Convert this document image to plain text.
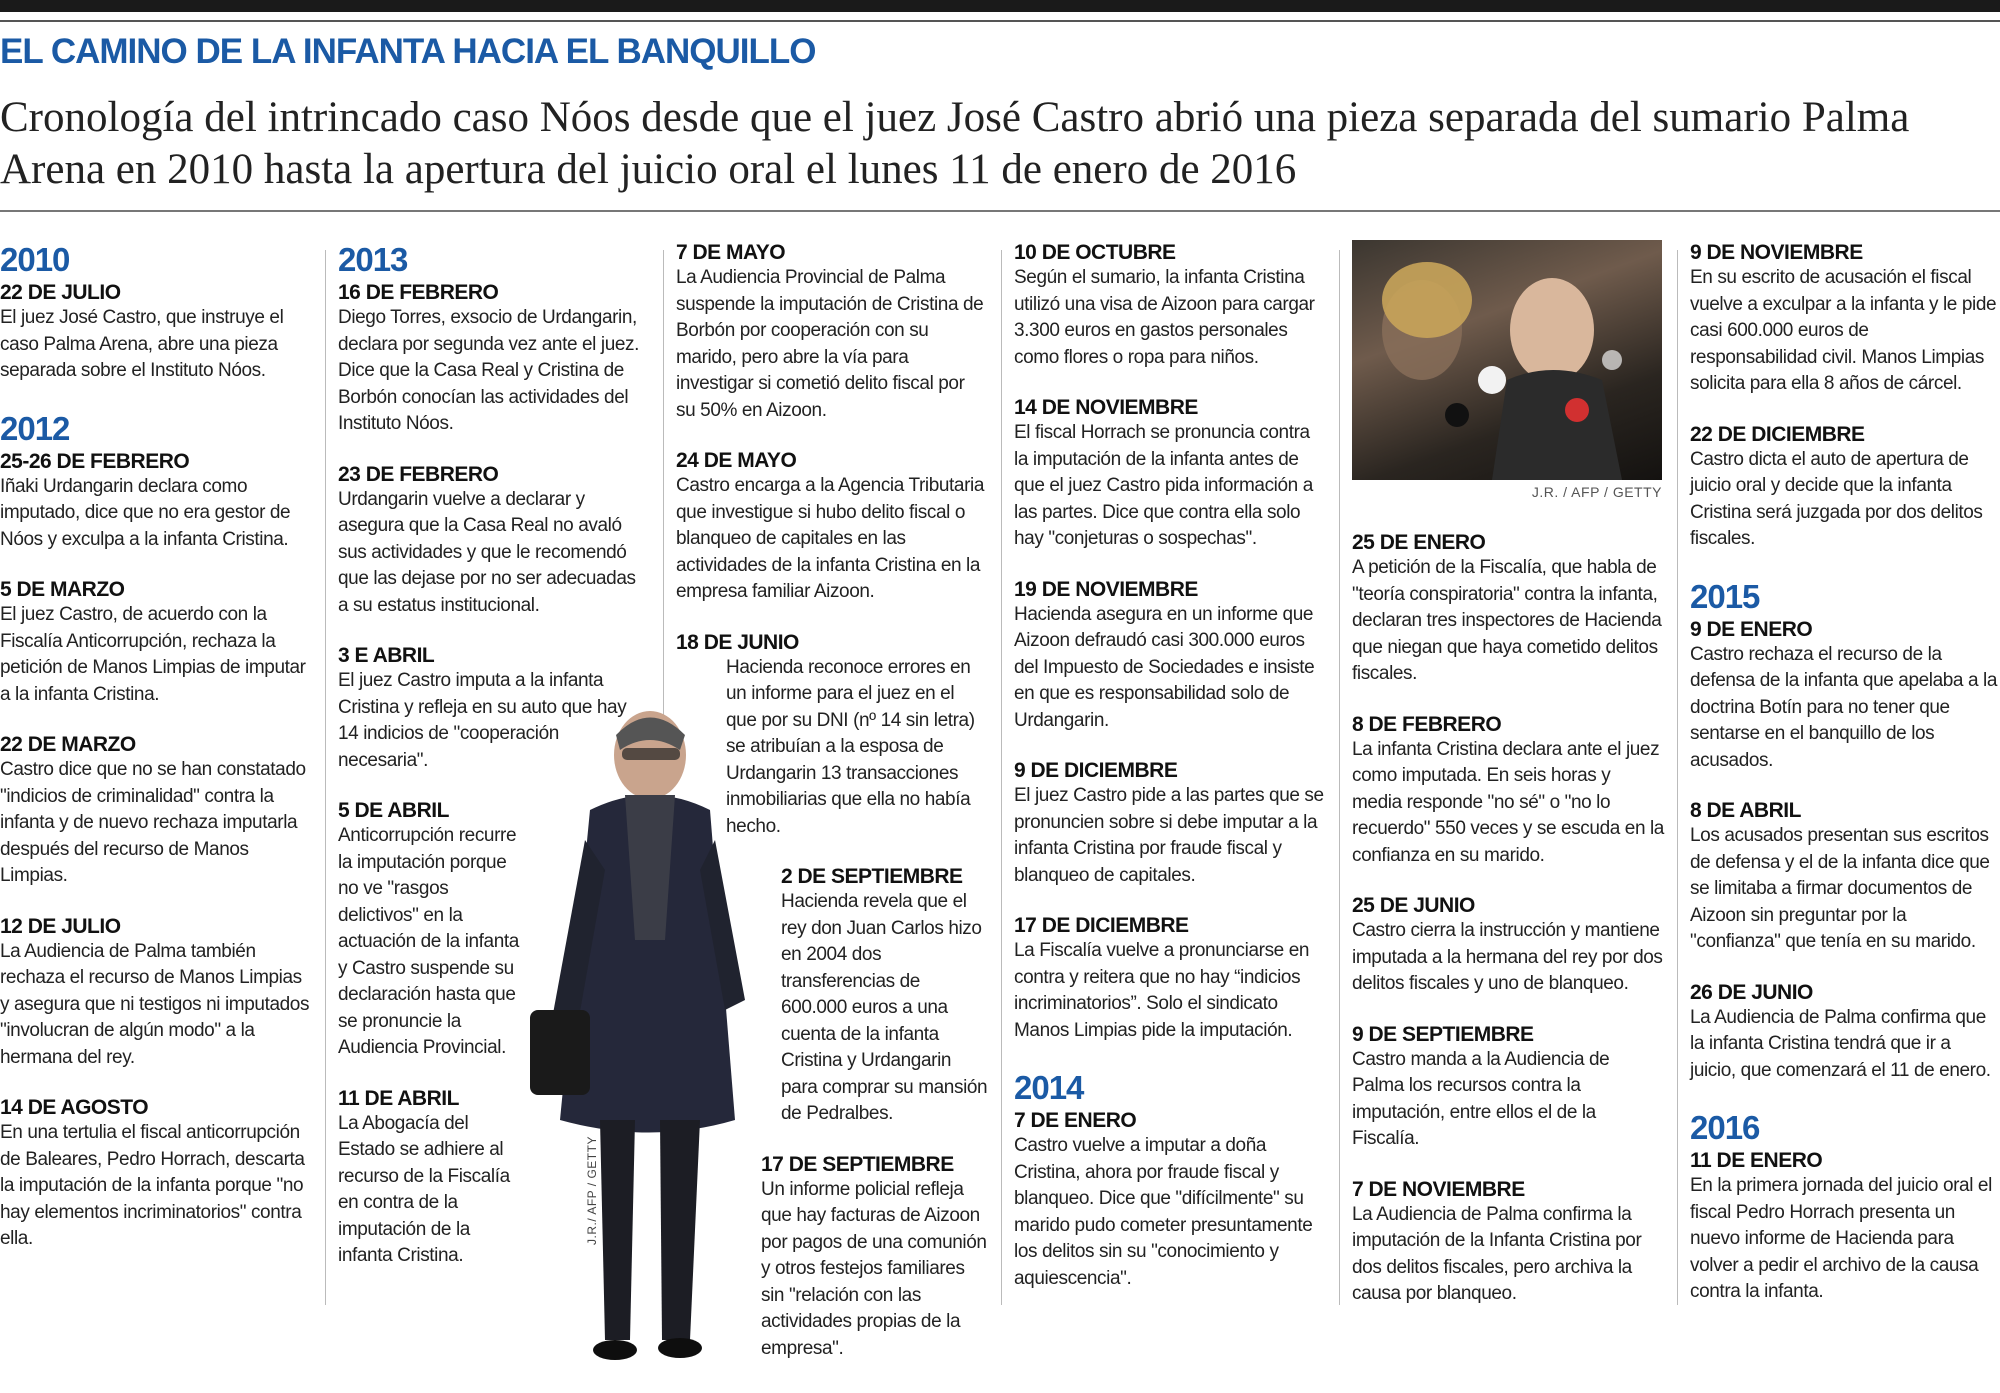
EL CAMINO DE LA INFANTA HACIA EL BANQUILLO
Cronología del intrincado caso Nóos desde que el juez José Castro abrió una pieza separada del sumario Palma Arena en 2010 hasta la apertura del juicio oral el lunes 11 de enero de 2016
2010
22 DE JULIO
El juez José Castro, que instruye el caso Palma Arena, abre una pieza separada sobre el Instituto Nóos.
2012
25-26 DE FEBRERO
Iñaki Urdangarin declara como imputado, dice que no era gestor de Nóos y exculpa a la infanta Cristina.
5 DE MARZO
El juez Castro, de acuerdo con la Fiscalía Anticorrupción, rechaza la petición de Manos Limpias de imputar a la infanta Cristina.
22 DE MARZO
Castro dice que no se han constatado "indicios de criminalidad" contra la infanta y de nuevo rechaza imputarla después del recurso de Manos Limpias.
12 DE JULIO
La Audiencia de Palma también rechaza el recurso de Manos Limpias y asegura que ni testigos ni imputados "involucran de algún modo" a la hermana del rey.
14 DE AGOSTO
En una tertulia el fiscal anticorrupción de Baleares, Pedro Horrach, descarta la imputación de la infanta porque "no hay elementos incriminatorios" contra ella.
2013
16 DE FEBRERO
Diego Torres, exsocio de Urdangarin, declara por segunda vez ante el juez. Dice que la Casa Real y Cristina de Borbón conocían las actividades del Instituto Nóos.
23 DE FEBRERO
Urdangarin vuelve a declarar y asegura que la Casa Real no avaló sus actividades y que le recomendó que las dejase por no ser adecuadas a su estatus institucional.
3 E ABRIL
El juez Castro imputa a la infanta Cristina y refleja en su auto que hay 14 indicios de "cooperación necesaria".
5 DE ABRIL
Anticorrupción recurre la imputación porque no ve "rasgos delictivos" en la actuación de la infanta y Castro suspende su declaración hasta que se pronuncie la Audiencia Provincial.
11 DE ABRIL
La Abogacía del Estado se adhiere al recurso de la Fiscalía en contra de la imputación de la infanta Cristina.
7 DE MAYO
La Audiencia Provincial de Palma suspende la imputación de Cristina de Borbón por cooperación con su marido, pero abre la vía para investigar si cometió delito fiscal por su 50% en Aizoon.
24 DE MAYO
Castro encarga a la Agencia Tributaria que investigue si hubo delito fiscal o blanqueo de capitales en las actividades de la infanta Cristina en la empresa familiar Aizoon.
18 DE JUNIO
Hacienda reconoce errores en un informe para el juez en el que por su DNI (nº 14 sin letra) se atribuían a la esposa de Urdangarin 13 transacciones inmobiliarias que ella no había hecho.
2 DE SEPTIEMBRE
Hacienda revela que el rey don Juan Carlos hizo en 2004 dos transferencias de 600.000 euros a una cuenta de la infanta Cristina y Urdangarin para comprar su mansión de Pedralbes.
17 DE SEPTIEMBRE
Un informe policial refleja que hay facturas de Aizoon por pagos de una comunión y otros festejos familiares sin "relación con las actividades propias de la empresa".
J.R./ AFP / GETTY
10 DE OCTUBRE
Según el sumario, la infanta Cristina utilizó una visa de Aizoon para cargar 3.300 euros en gastos personales como flores o ropa para niños.
14 DE NOVIEMBRE
El fiscal Horrach se pronuncia contra la imputación de la infanta antes de que el juez Castro pida información a las partes. Dice que contra ella solo hay "conjeturas o sospechas".
19 DE NOVIEMBRE
Hacienda asegura en un informe que Aizoon defraudó casi 300.000 euros del Impuesto de Sociedades e insiste en que es responsabilidad solo de Urdangarin.
9 DE DICIEMBRE
El juez Castro pide a las partes que se pronuncien sobre si debe imputar a la infanta Cristina por fraude fiscal y blanqueo de capitales.
17 DE DICIEMBRE
La Fiscalía vuelve a pronunciarse en contra y reitera que no hay “indicios incriminatorios”. Solo el sindicato Manos Limpias pide la imputación.
2014
7 DE ENERO
Castro vuelve a imputar a doña Cristina, ahora por fraude fiscal y blanqueo. Dice que "difícilmente" su marido pudo cometer presuntamente los delitos sin su "conocimiento y aquiescencia".
J.R. / AFP / GETTY
25 DE ENERO
A petición de la Fiscalía, que habla de "teoría conspiratoria" contra la infanta, declaran tres inspectores de Hacienda que niegan que haya cometido delitos fiscales.
8 DE FEBRERO
La infanta Cristina declara ante el juez como imputada. En seis horas y media responde "no sé" o "no lo recuerdo" 550 veces y se escuda en la confianza en su marido.
25 DE JUNIO
Castro cierra la instrucción y mantiene imputada a la hermana del rey por dos delitos fiscales y uno de blanqueo.
9 DE SEPTIEMBRE
Castro manda a la Audiencia de Palma los recursos contra la imputación, entre ellos el de la Fiscalía.
7 DE NOVIEMBRE
La Audiencia de Palma confirma la imputación de la Infanta Cristina por dos delitos fiscales, pero archiva la causa por blanqueo.
9 DE NOVIEMBRE
En su escrito de acusación el fiscal vuelve a exculpar a la infanta y le pide casi 600.000 euros de responsabilidad civil. Manos Limpias solicita para ella 8 años de cárcel.
22 DE DICIEMBRE
Castro dicta el auto de apertura de juicio oral y decide que la infanta Cristina será juzgada por dos delitos fiscales.
2015
9 DE ENERO
Castro rechaza el recurso de la defensa de la infanta que apelaba a la doctrina Botín para no tener que sentarse en el banquillo de los acusados.
8 DE ABRIL
Los acusados presentan sus escritos de defensa y el de la infanta dice que se limitaba a firmar documentos de Aizoon sin preguntar por la "confianza" que tenía en su marido.
26 DE JUNIO
La Audiencia de Palma confirma que la infanta Cristina tendrá que ir a juicio, que comenzará el 11 de enero.
2016
11 DE ENERO
En la primera jornada del juicio oral el fiscal Pedro Horrach presenta un nuevo informe de Hacienda para volver a pedir el archivo de la causa contra la infanta.
